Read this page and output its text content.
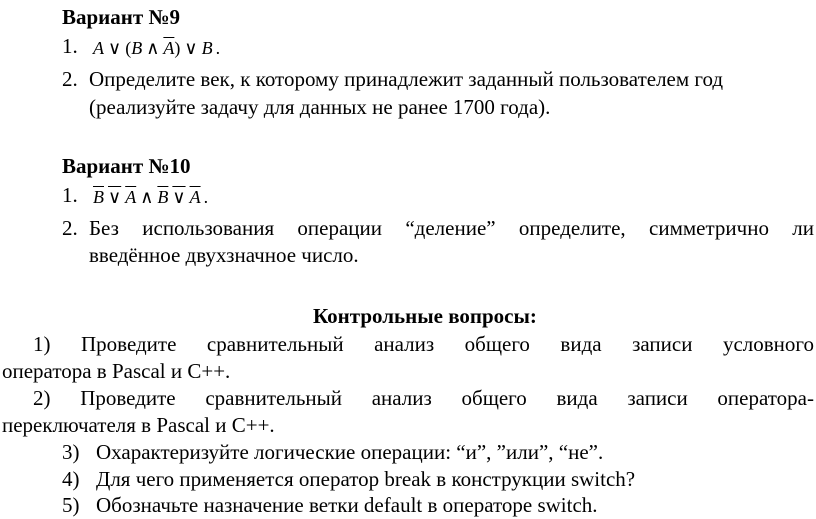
Вариант №9
1. A ∨ (B ∧ $\overline{A}$) ∨ B .
2. Определите век, к которому принадлежит заданный пользователем год
(реализуйте задачу для данных не ранее 1700 года).
Вариант №10
1. B ∨ A ∧ B ∨ A .
2. Без использования операции “деление” определите, симметрично ли
введённое двухзначное число.
Контрольные вопросы:
1) Проведите сравнительный анализ общего вида записи условного
оператора в Pascal и C++.
2) Проведите сравнительный анализ общего вида записи оператора-
переключателя в Pascal и C++.
3) Охарактеризуйте логические операции: “и”, ”или”, “не”.
4) Для чего применяется оператор break в конструкции switch?
5) Обозначьте назначение ветки default в операторе switch.
